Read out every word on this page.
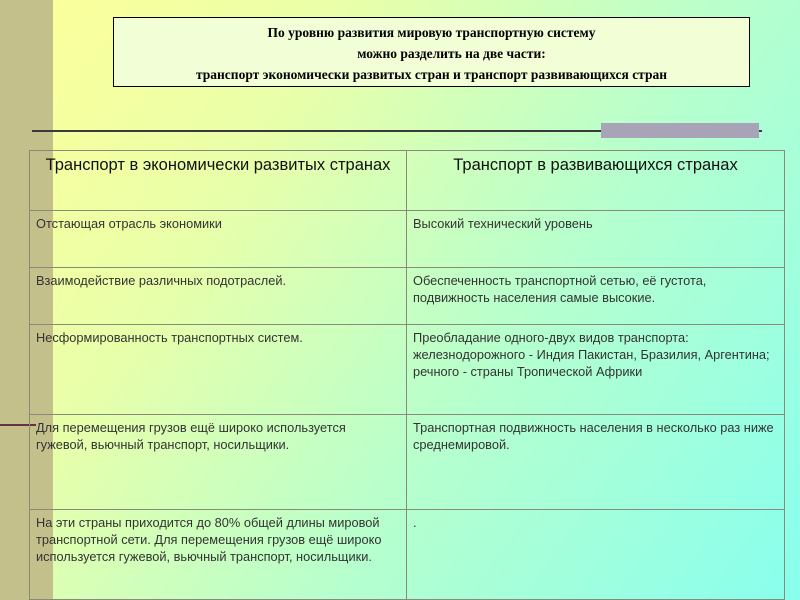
По уровню развития мировую транспортную систему
можно разделить на две части:
транспорт экономически развитых стран и транспорт развивающихся стран
Транспорт в экономически развитых странах	Транспорт в развивающихся странах
Отстающая отрасль экономики	Высокий технический уровень
Взаимодействие различных подотраслей.	Обеспеченность транспортной сетью, её густота, подвижность населения самые высокие.
Несформированность транспортных систем.	Преобладание одного-двух видов транспорта: железнодорожного - Индия Пакистан, Бразилия, Аргентина; речного - страны Тропической Африки
Для перемещения грузов ещё широко используется гужевой, вьючный транспорт, носильщики.	Транспортная подвижность населения в несколько раз ниже среднемировой.
На эти страны приходится до 80% общей длины мировой транспортной сети. Для перемещения грузов ещё широко используется гужевой, вьючный транспорт, носильщики.	.
